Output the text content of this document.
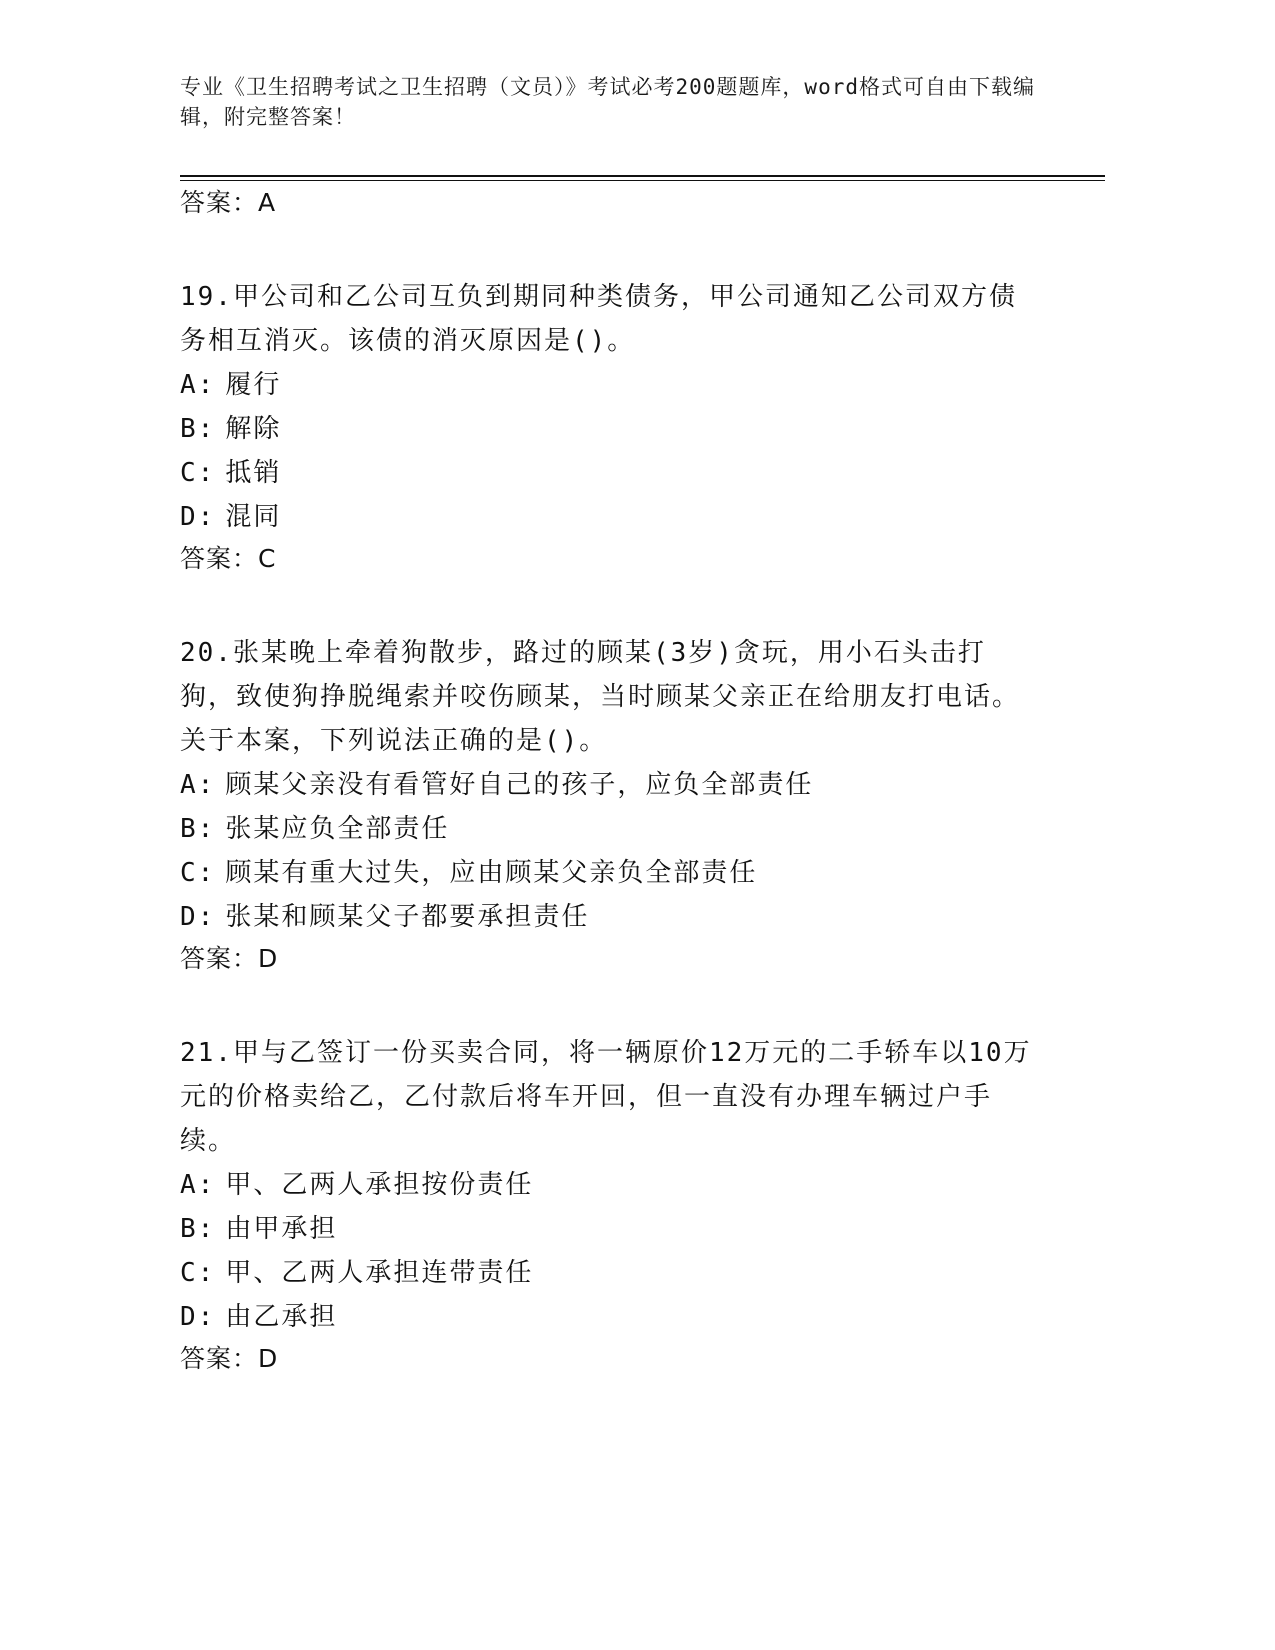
专业《卫生招聘考试之卫生招聘（文员）》考试必考200题题库，word格式可自由下载编辑，附完整答案！
答案：A
19.甲公司和乙公司互负到期同种类债务，甲公司通知乙公司双方债务相互消灭。该债的消灭原因是()。
A: 履行
B: 解除
C: 抵销
D: 混同
答案：C
20.张某晚上牵着狗散步，路过的顾某(3岁)贪玩，用小石头击打狗，致使狗挣脱绳索并咬伤顾某，当时顾某父亲正在给朋友打电话。关于本案，下列说法正确的是()。
A: 顾某父亲没有看管好自己的孩子，应负全部责任
B: 张某应负全部责任
C: 顾某有重大过失，应由顾某父亲负全部责任
D: 张某和顾某父子都要承担责任
答案：D
21.甲与乙签订一份买卖合同，将一辆原价12万元的二手轿车以10万元的价格卖给乙，乙付款后将车开回，但一直没有办理车辆过户手续。
A: 甲、乙两人承担按份责任
B: 由甲承担
C: 甲、乙两人承担连带责任
D: 由乙承担
答案：D
